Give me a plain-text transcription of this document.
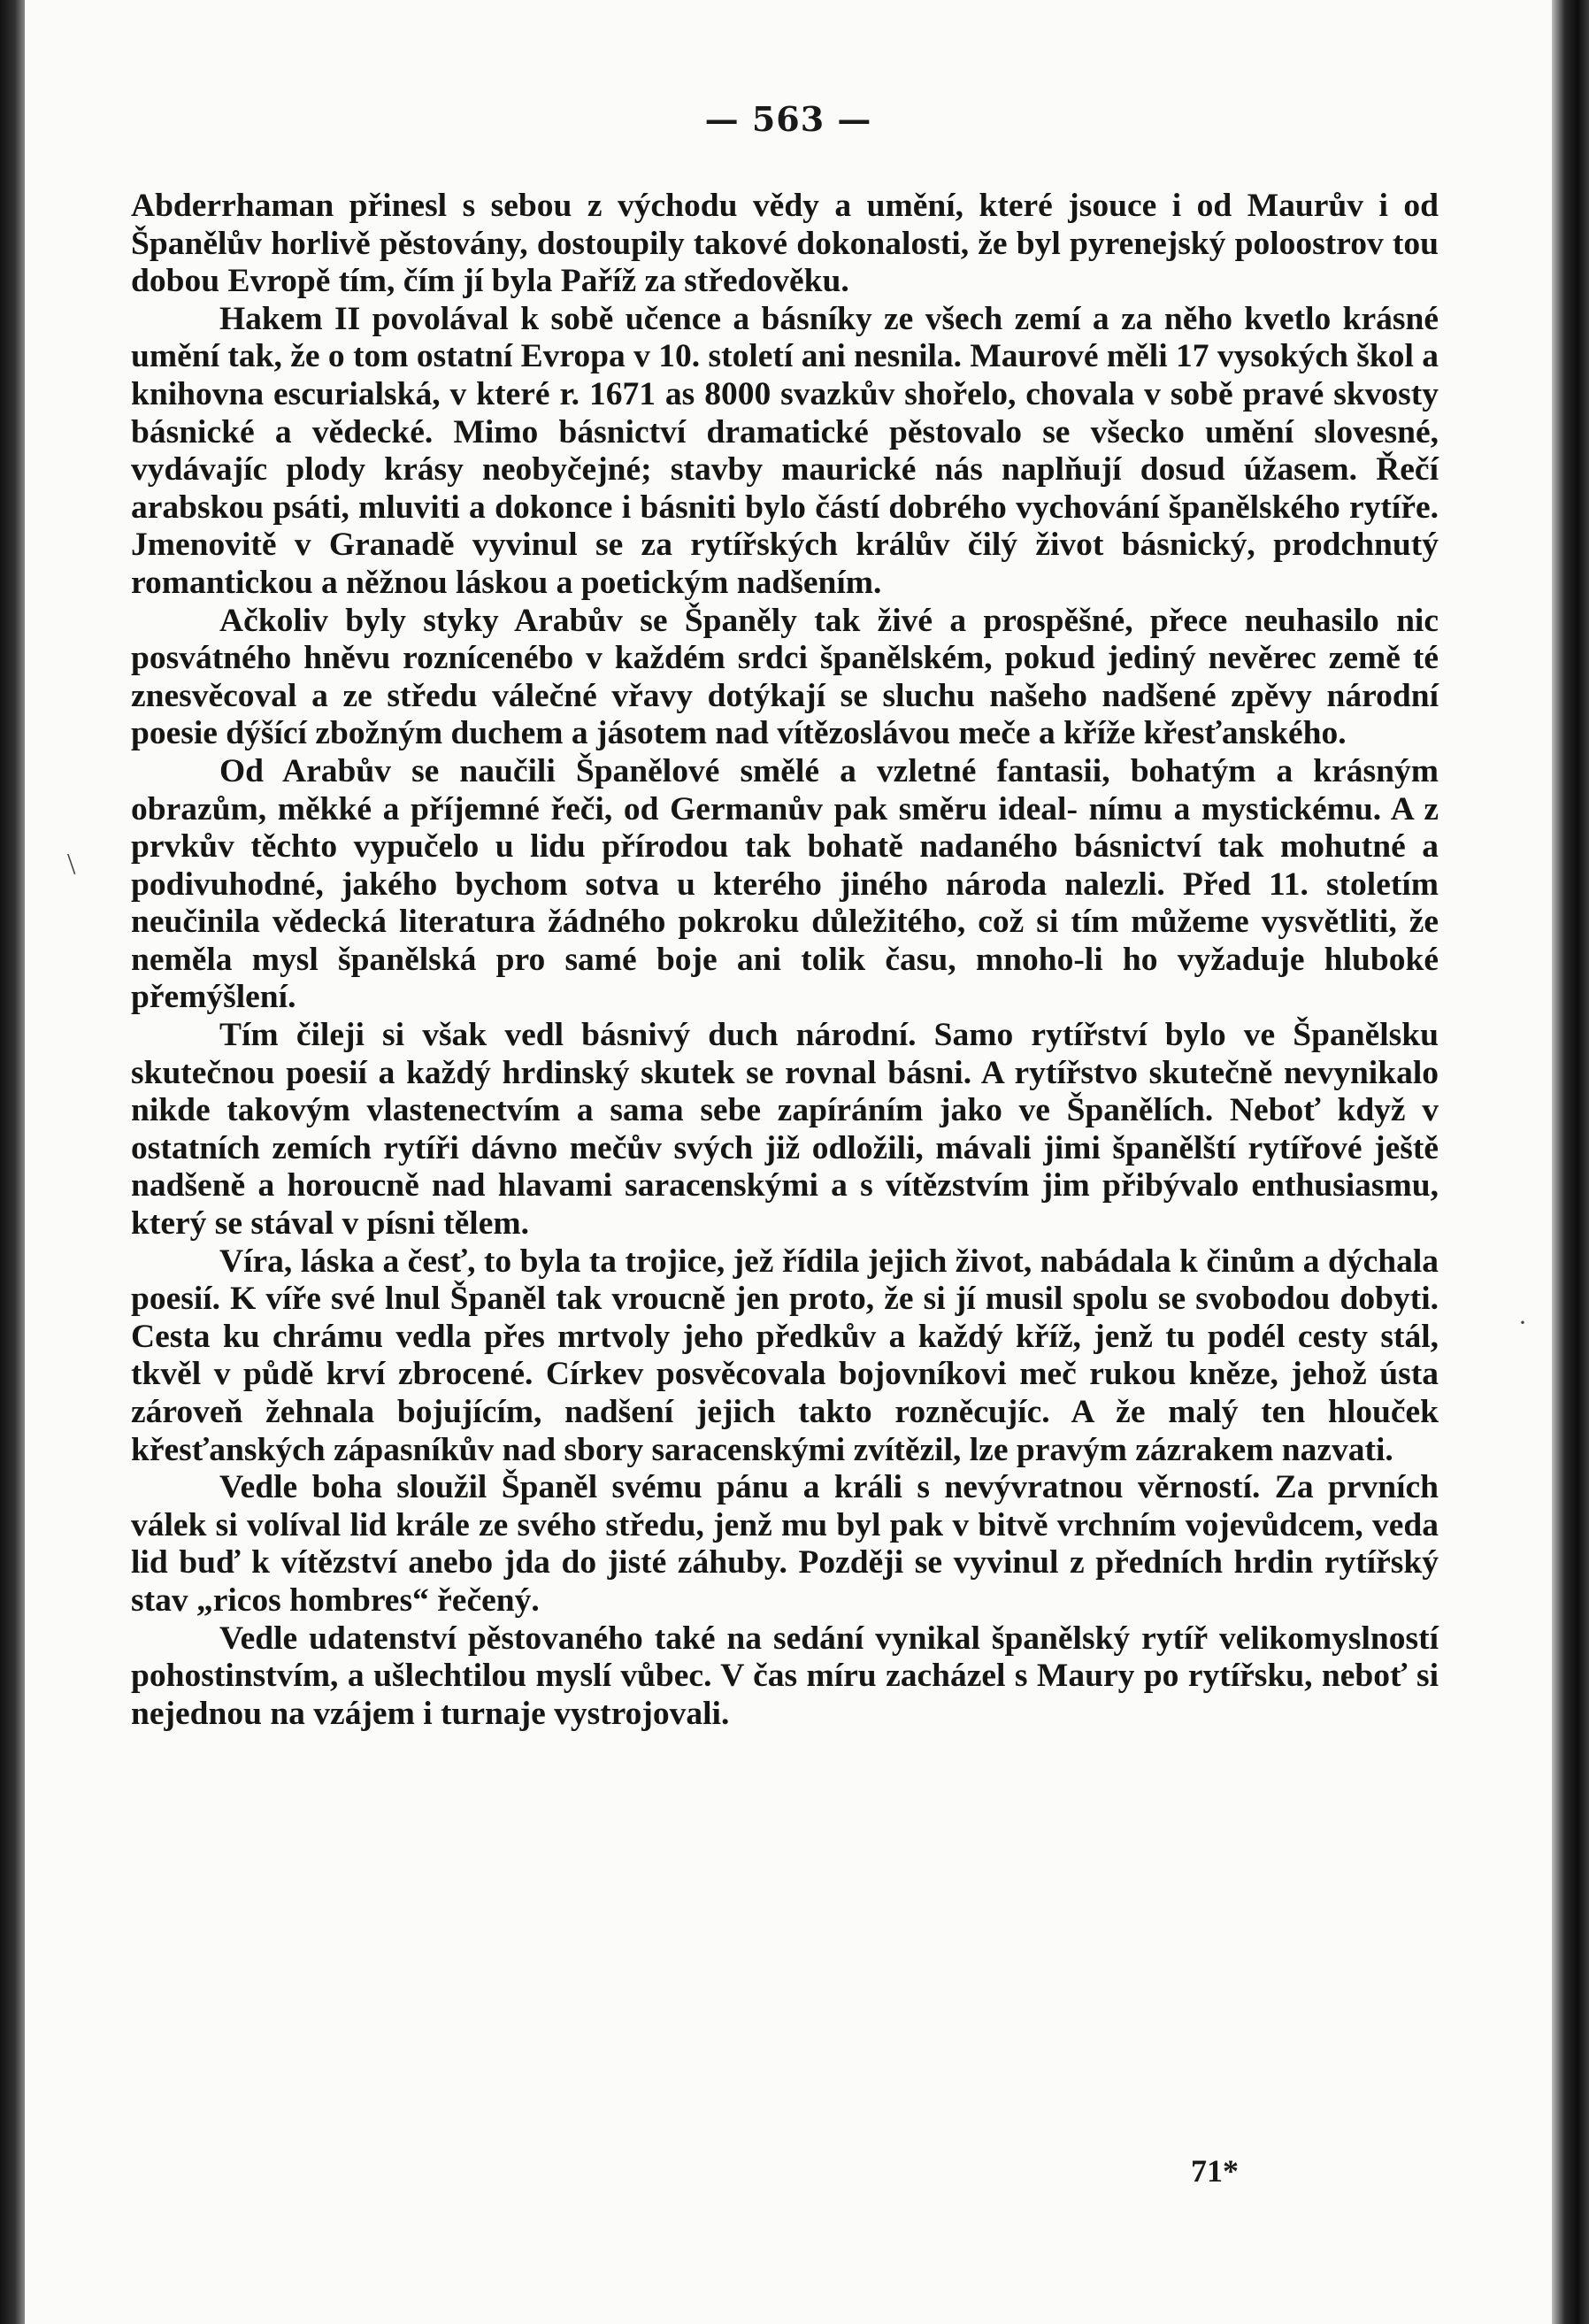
— 563 —

Abderrhaman přinesl s sebou z východu vědy a umění, které jsouce i od Maurův i od Španělův horlivě pěstovány, dostoupily takové dokonalosti, že byl pyrenejský poloostrov tou dobou Evropě tím, čím jí byla Paříž za středověku.

Hakem II povolával k sobě učence a básníky ze všech zemí a za něho kvetlo krásné umění tak, že o tom ostatní Evropa v 10. století ani nesnila. Maurové měli 17 vysokých škol a knihovna escurialská, v které r. 1671 as 8000 svazkův shořelo, chovala v sobě pravé skvosty básnické a vědecké. Mimo básnictví dramatické pěstovalo se všecko umění slovesné, vydávajíc plody krásy neobyčejné; stavby maurické nás naplňují dosud úžasem. Řečí arabskou psáti, mluviti a dokonce i básniti bylo částí dobrého vychování španělského rytíře. Jmenovitě v Granadě vyvinul se za rytířských králův čilý život básnický, prodchnutý romantickou a něžnou láskou a poetickým nadšením.

Ačkoliv byly styky Arabův se Španěly tak živé a prospěšné, přece neuhasilo nic posvátného hněvu roznícenébo v každém srdci španělském, pokud jediný nevěrec země té znesvěcoval a ze středu válečné vřavy dotýkají se sluchu našeho nadšené zpěvy národní poesie dýšící zbožným duchem a jásotem nad vítězoslávou meče a kříže křesťanského.

Od Arabův se naučili Španělové smělé a vzletné fantasii, bohatým a krásným obrazům, měkké a příjemné řeči, od Germanův pak směru ideal- nímu a mystickému. A z prvkův těchto vypučelo u lidu přírodou tak bohatě nadaného básnictví tak mohutné a podivuhodné, jakého bychom sotva u kterého jiného národa nalezli. Před 11. stoletím neučinila vědecká literatura žádného pokroku důležitého, což si tím můžeme vysvětliti, že neměla mysl španělská pro samé boje ani tolik času, mnoho-li ho vyžaduje hluboké přemýšlení.

Tím čileji si však vedl básnivý duch národní. Samo rytířství bylo ve Španělsku skutečnou poesií a každý hrdinský skutek se rovnal básni. A rytířstvo skutečně nevynikalo nikde takovým vlastenectvím a sama sebe zapíráním jako ve Španělích. Neboť když v ostatních zemích rytíři dávno mečův svých již odložili, mávali jimi španělští rytířové ještě nadšeně a horoucně nad hlavami saracenskými a s vítězstvím jim přibývalo enthusiasmu, který se stával v písni tělem.

Víra, láska a česť, to byla ta trojice, jež řídila jejich život, nabádala k činům a dýchala poesií. K víře své lnul Španěl tak vroucně jen proto, že si jí musil spolu se svobodou dobyti. Cesta ku chrámu vedla přes mrtvoly jeho předkův a každý kříž, jenž tu podél cesty stál, tkvěl v půdě krví zbrocené. Církev posvěcovala bojovníkovi meč rukou kněze, jehož ústa zároveň žehnala bojujícím, nadšení jejich takto rozněcujíc. A že malý ten hlouček křesťanských zápasníkův nad sbory saracenskými zvítězil, lze pravým zázrakem nazvati.

Vedle boha sloužil Španěl svému pánu a králi s nevývratnou věrností. Za prvních válek si volíval lid krále ze svého středu, jenž mu byl pak v bitvě vrchním vojevůdcem, veda lid buď k vítězství anebo jda do jisté záhuby. Později se vyvinul z předních hrdin rytířský stav „ricos hombres“ řečený.

Vedle udatenství pěstovaného také na sedání vynikal španělský rytíř velikomyslností pohostinstvím, a ušlechtilou myslí vůbec. V čas míru zacházel s Maury po rytířsku, neboť si nejednou na vzájem i turnaje vystrojovali.

71*
\
·
